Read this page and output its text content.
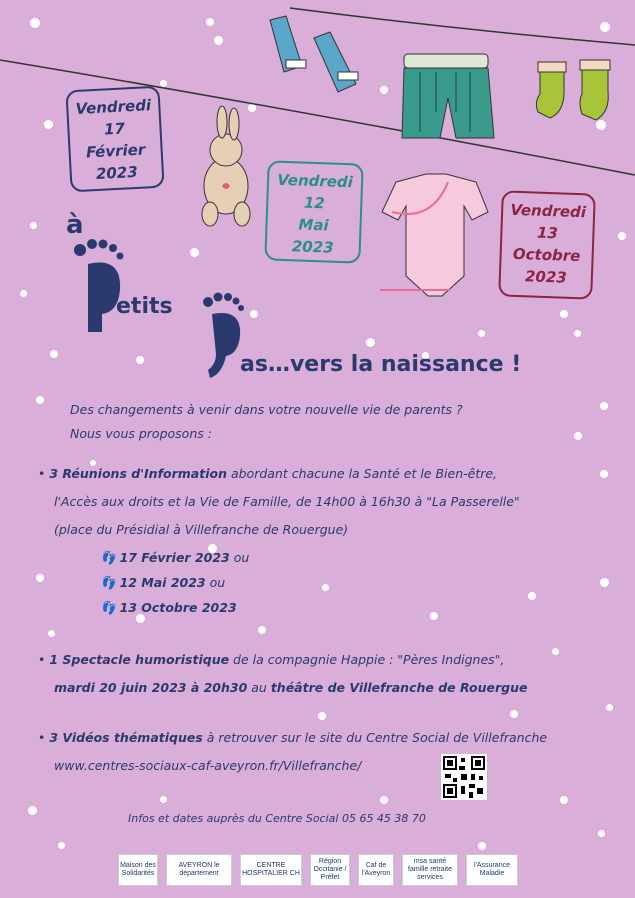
Vendredi
17
Février
2023	Vendredi
12
Mai
2023
Vendredi
13
Octobre
2023
à
etits
as…vers la naissance !
Des changements à venir dans votre nouvelle vie de parents ?
Nous vous proposons :
• 3 Réunions d'Information abordant chacune la Santé et le Bien-être,
l'Accès aux droits et la Vie de Famille, de 14h00 à 16h30 à "La Passerelle"
(place du Présidial à Villefranche de Rouergue)
👣 17 Février 2023 ou
👣 12 Mai 2023 ou
👣 13 Octobre 2023
• 1 Spectacle humoristique de la compagnie Happie : "Pères Indignes",
mardi 20 juin 2023 à 20h30 au théâtre de Villefranche de Rouergue
• 3 Vidéos thématiques à retrouver sur le site du Centre Social de Villefranche
www.centres-sociaux-caf-aveyron.fr/Villefranche/
Infos et dates auprès du Centre Social 05 65 45 38 70
Maison des Solidarités
AVEYRON le département
CENTRE HOSPITALIER CH
Région Occitanie / Préfet
Caf de l'Aveyron
msa santé famille retraite services
l'Assurance Maladie
